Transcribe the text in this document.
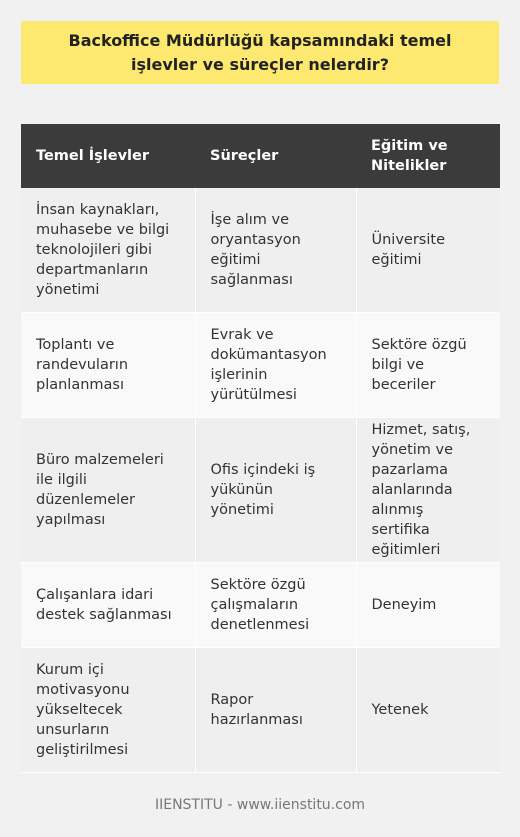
Backoffice Müdürlüğü kapsamındaki temel işlevler ve süreçler nelerdir?
Temel İşlevler	Süreçler	Eğitim ve Nitelikler
İnsan kaynakları, muhasebe ve bilgi teknolojileri gibi departmanların yönetimi	İşe alım ve oryantasyon eğitimi sağlanması	Üniversite eğitimi
Toplantı ve randevuların planlanması	Evrak ve dokümantasyon işlerinin yürütülmesi	Sektöre özgü bilgi ve beceriler
Büro malzemeleri ile ilgili düzenlemeler yapılması	Ofis içindeki iş yükünün yönetimi	Hizmet, satış, yönetim ve pazarlama alanlarında alınmış sertifika eğitimleri
Çalışanlara idari destek sağlanması	Sektöre özgü çalışmaların denetlenmesi	Deneyim
Kurum içi motivasyonu yükseltecek unsurların geliştirilmesi	Rapor hazırlanması	Yetenek
IIENSTITU - www.iienstitu.com
